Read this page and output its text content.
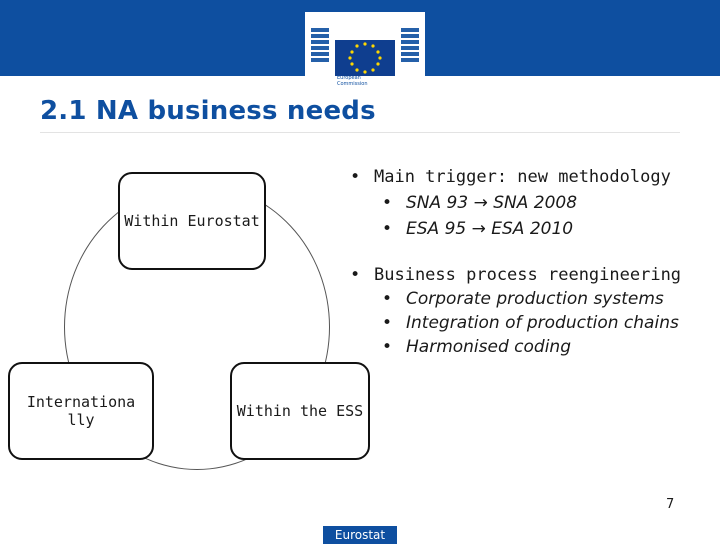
European
Commission
2.1 NA business needs
Within Eurostat
Internationa lly	Within the ESS
• Main trigger: new methodology
• SNA 93 → SNA 2008
• ESA 95 → ESA 2010
• Business process reengineering
• Corporate production systems
• Integration of production chains
• Harmonised coding
7
Eurostat
